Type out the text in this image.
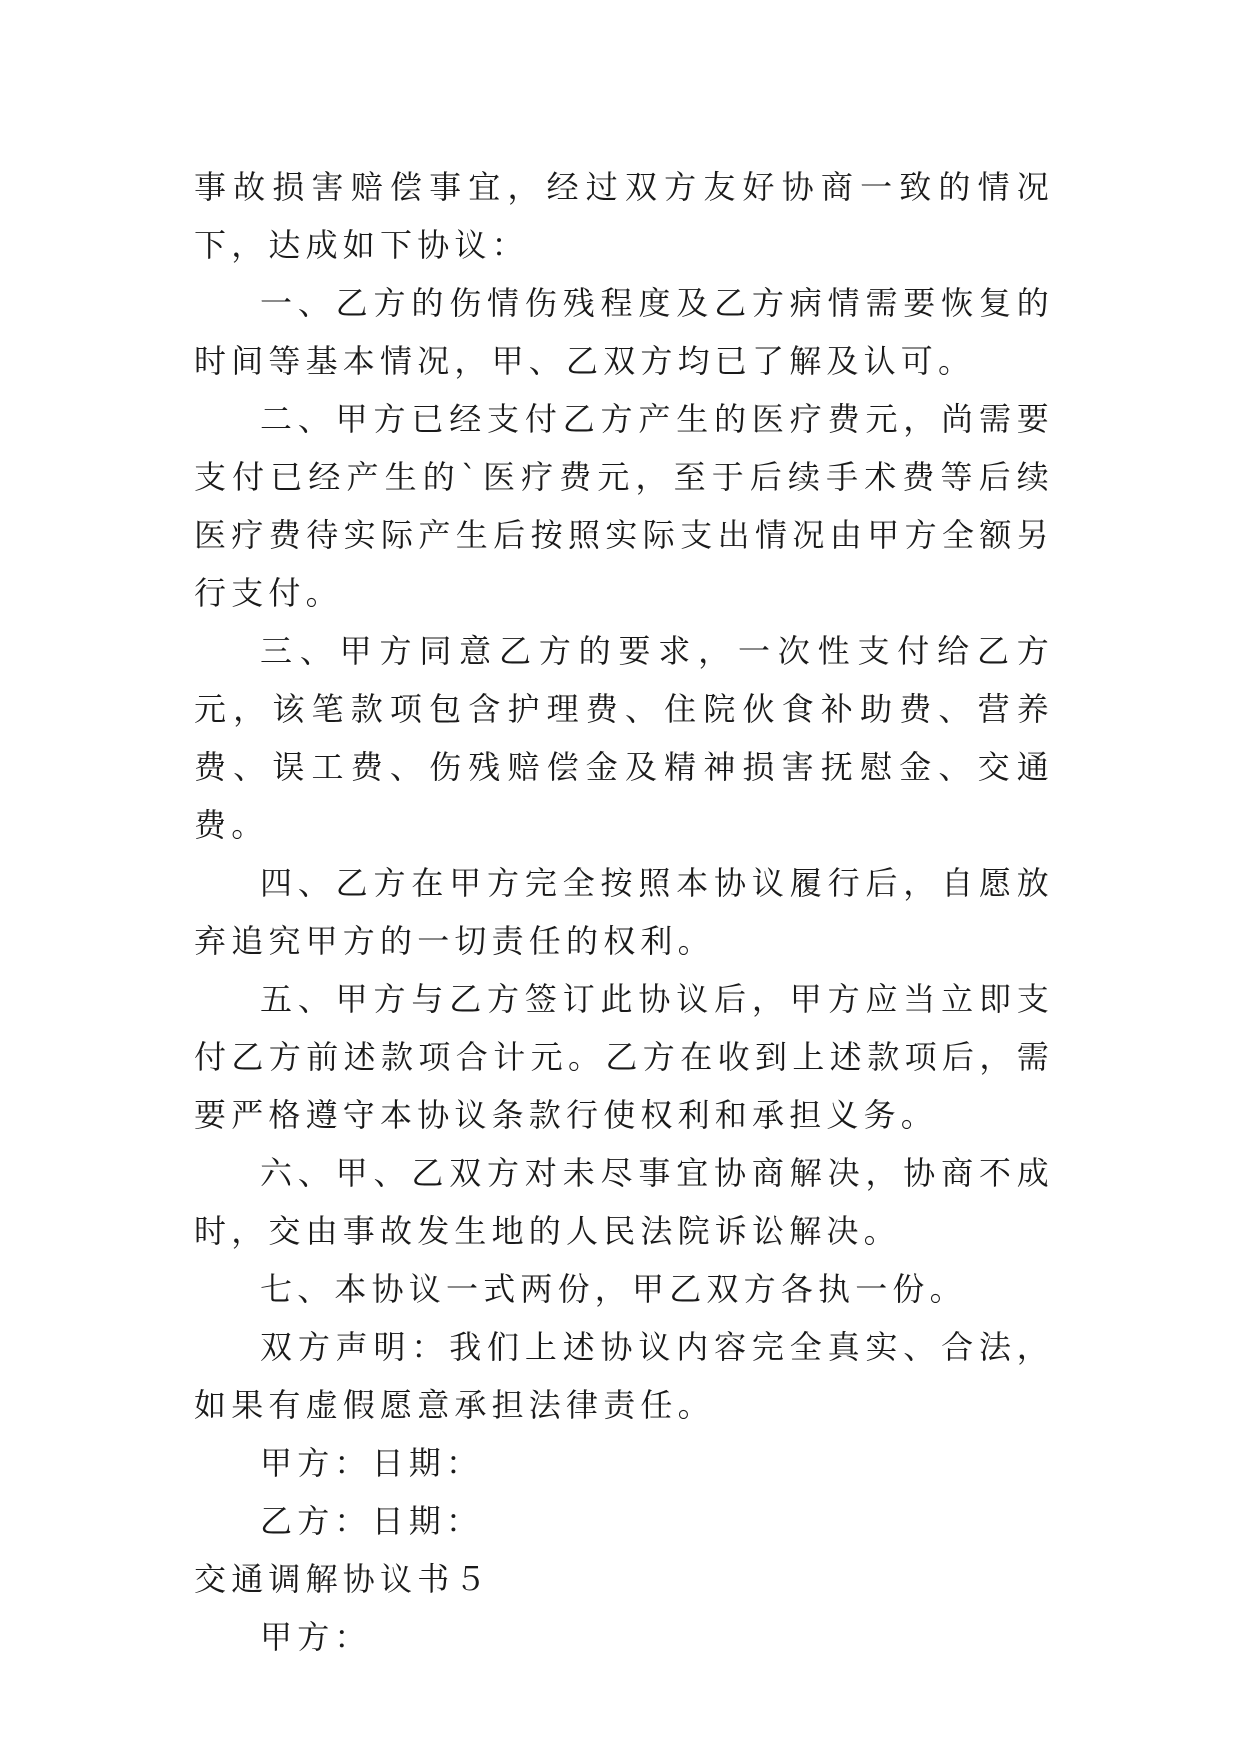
事故损害赔偿事宜，经过双方友好协商一致的情况下，达成如下协议：

一、乙方的伤情伤残程度及乙方病情需要恢复的时间等基本情况，甲、乙双方均已了解及认可。

二、甲方已经支付乙方产生的医疗费元，尚需要支付已经产生的`医疗费元，至于后续手术费等后续医疗费待实际产生后按照实际支出情况由甲方全额另行支付。

三、甲方同意乙方的要求，一次性支付给乙方元，该笔款项包含护理费、住院伙食补助费、营养费、误工费、伤残赔偿金及精神损害抚慰金、交通费。

四、乙方在甲方完全按照本协议履行后，自愿放弃追究甲方的一切责任的权利。

五、甲方与乙方签订此协议后，甲方应当立即支付乙方前述款项合计元。乙方在收到上述款项后，需要严格遵守本协议条款行使权利和承担义务。

六、甲、乙双方对未尽事宜协商解决，协商不成时，交由事故发生地的人民法院诉讼解决。

七、本协议一式两份，甲乙双方各执一份。

双方声明：我们上述协议内容完全真实、合法，如果有虚假愿意承担法律责任。

甲方：日期：

乙方：日期：

交通调解协议书５

甲方：
